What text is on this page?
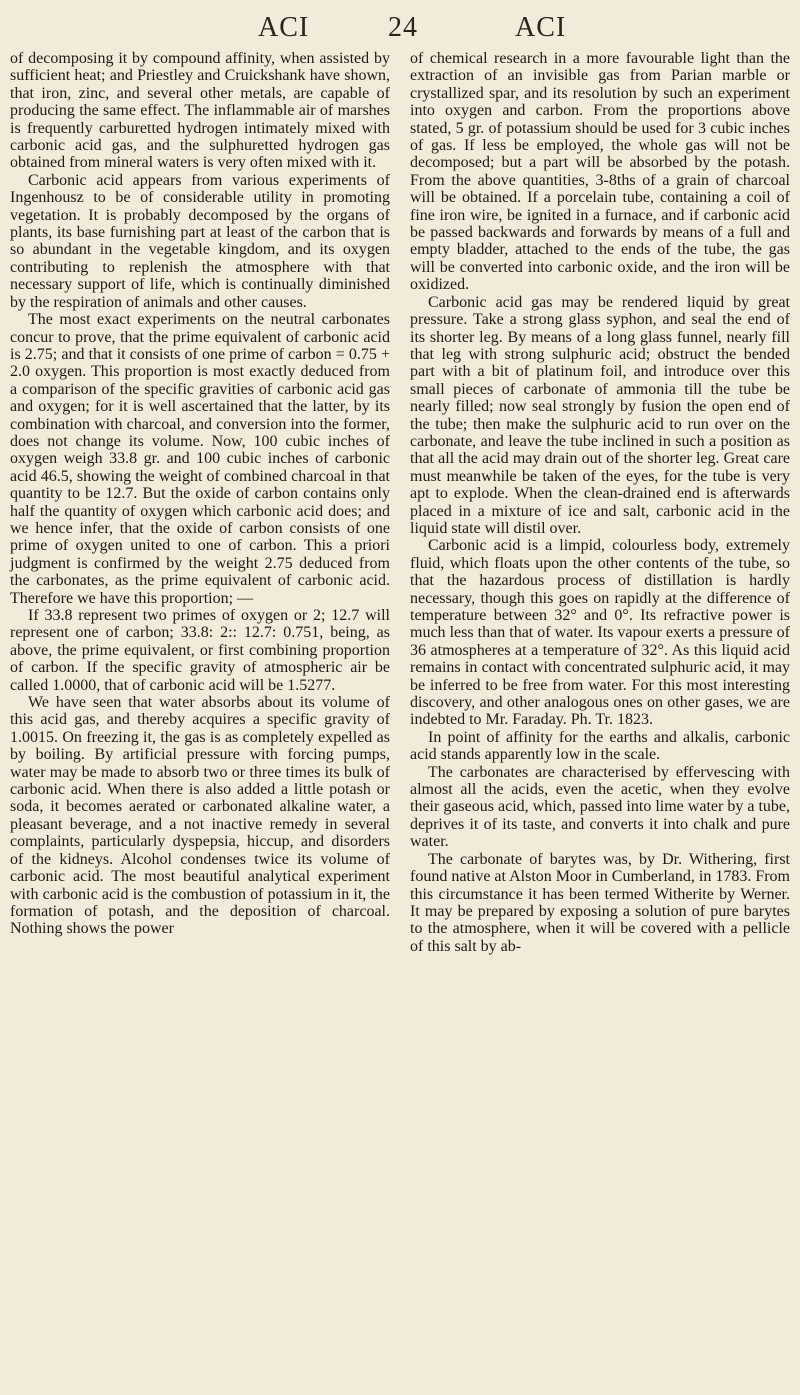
ACI	24	ACI

of decomposing it by compound affinity, when assisted by sufficient heat; and Priestley and Cruickshank have shown, that iron, zinc, and several other metals, are capable of producing the same effect. The inflammable air of marshes is frequently carburetted hydrogen intimately mixed with carbonic acid gas, and the sulphuretted hydrogen gas obtained from mineral waters is very often mixed with it.

Carbonic acid appears from various experiments of Ingenhousz to be of considerable utility in promoting vegetation. It is probably decomposed by the organs of plants, its base furnishing part at least of the carbon that is so abundant in the vegetable kingdom, and its oxygen contributing to replenish the atmosphere with that necessary support of life, which is continually diminished by the respiration of animals and other causes.

The most exact experiments on the neutral carbonates concur to prove, that the prime equivalent of carbonic acid is 2.75; and that it consists of one prime of carbon = 0.75 + 2.0 oxygen. This proportion is most exactly deduced from a comparison of the specific gravities of carbonic acid gas and oxygen; for it is well ascertained that the latter, by its combination with charcoal, and conversion into the former, does not change its volume. Now, 100 cubic inches of oxygen weigh 33.8 gr. and 100 cubic inches of carbonic acid 46.5, showing the weight of combined charcoal in that quantity to be 12.7. But the oxide of carbon contains only half the quantity of oxygen which carbonic acid does; and we hence infer, that the oxide of carbon consists of one prime of oxygen united to one of carbon. This a priori judgment is confirmed by the weight 2.75 deduced from the carbonates, as the prime equivalent of carbonic acid. Therefore we have this proportion; —

If 33.8 represent two primes of oxygen or 2; 12.7 will represent one of carbon; 33.8: 2:: 12.7: 0.751, being, as above, the prime equivalent, or first combining proportion of carbon. If the specific gravity of atmospheric air be called 1.0000, that of carbonic acid will be 1.5277.

We have seen that water absorbs about its volume of this acid gas, and thereby acquires a specific gravity of 1.0015. On freezing it, the gas is as completely expelled as by boiling. By artificial pressure with forcing pumps, water may be made to absorb two or three times its bulk of carbonic acid. When there is also added a little potash or soda, it becomes aerated or carbonated alkaline water, a pleasant beverage, and a not inactive remedy in several complaints, particularly dyspepsia, hiccup, and disorders of the kidneys. Alcohol condenses twice its volume of carbonic acid. The most beautiful analytical experiment with carbonic acid is the combustion of potassium in it, the formation of potash, and the deposition of charcoal. Nothing shows the power

of chemical research in a more favourable light than the extraction of an invisible gas from Parian marble or crystallized spar, and its resolution by such an experiment into oxygen and carbon. From the proportions above stated, 5 gr. of potassium should be used for 3 cubic inches of gas. If less be employed, the whole gas will not be decomposed; but a part will be absorbed by the potash. From the above quantities, 3-8ths of a grain of charcoal will be obtained. If a porcelain tube, containing a coil of fine iron wire, be ignited in a furnace, and if carbonic acid be passed backwards and forwards by means of a full and empty bladder, attached to the ends of the tube, the gas will be converted into carbonic oxide, and the iron will be oxidized.

Carbonic acid gas may be rendered liquid by great pressure. Take a strong glass syphon, and seal the end of its shorter leg. By means of a long glass funnel, nearly fill that leg with strong sulphuric acid; obstruct the bended part with a bit of platinum foil, and introduce over this small pieces of carbonate of ammonia till the tube be nearly filled; now seal strongly by fusion the open end of the tube; then make the sulphuric acid to run over on the carbonate, and leave the tube inclined in such a position as that all the acid may drain out of the shorter leg. Great care must meanwhile be taken of the eyes, for the tube is very apt to explode. When the clean-drained end is afterwards placed in a mixture of ice and salt, carbonic acid in the liquid state will distil over.

Carbonic acid is a limpid, colourless body, extremely fluid, which floats upon the other contents of the tube, so that the hazardous process of distillation is hardly necessary, though this goes on rapidly at the difference of temperature between 32° and 0°. Its refractive power is much less than that of water. Its vapour exerts a pressure of 36 atmospheres at a temperature of 32°. As this liquid acid remains in contact with concentrated sulphuric acid, it may be inferred to be free from water. For this most interesting discovery, and other analogous ones on other gases, we are indebted to Mr. Faraday. Ph. Tr. 1823.

In point of affinity for the earths and alkalis, carbonic acid stands apparently low in the scale.

The carbonates are characterised by effervescing with almost all the acids, even the acetic, when they evolve their gaseous acid, which, passed into lime water by a tube, deprives it of its taste, and converts it into chalk and pure water.

The carbonate of barytes was, by Dr. Withering, first found native at Alston Moor in Cumberland, in 1783. From this circumstance it has been termed Witherite by Werner. It may be prepared by exposing a solution of pure barytes to the atmosphere, when it will be covered with a pellicle of this salt by ab-
